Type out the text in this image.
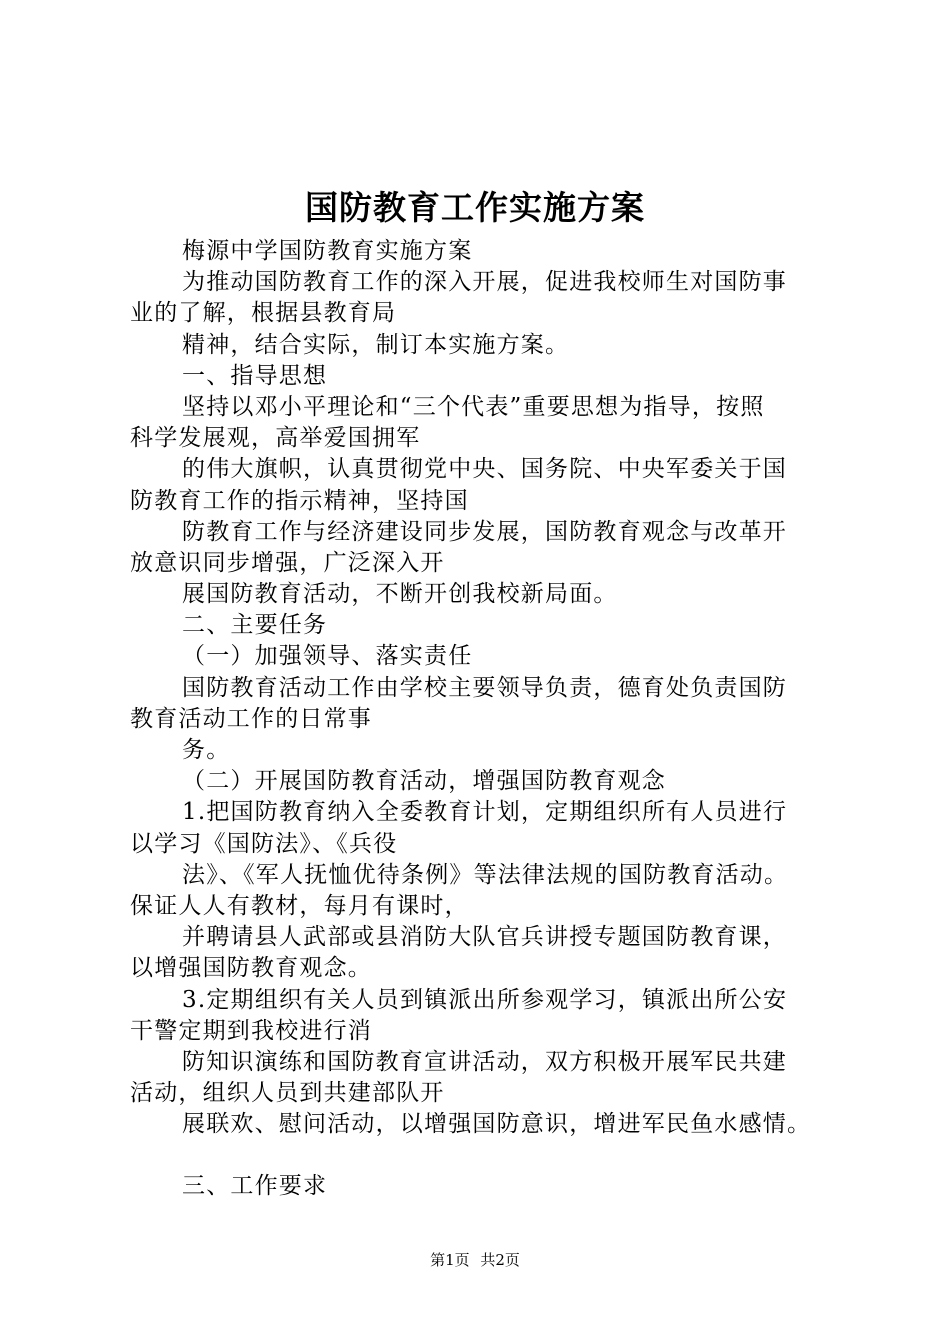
国防教育工作实施方案
梅源中学国防教育实施方案
为推动国防教育工作的深入开展，促进我校师生对国防事
业的了解，根据县教育局
精神，结合实际，制订本实施方案。
一、指导思想
坚持以邓小平理论和“三个代表”重要思想为指导，按照
科学发展观，高举爱国拥军
的伟大旗帜，认真贯彻党中央、国务院、中央军委关于国
防教育工作的指示精神，坚持国
防教育工作与经济建设同步发展，国防教育观念与改革开
放意识同步增强，广泛深入开
展国防教育活动，不断开创我校新局面。
二、主要任务
（一）加强领导、落实责任
国防教育活动工作由学校主要领导负责，德育处负责国防
教育活动工作的日常事
务。
（二）开展国防教育活动，增强国防教育观念
1.把国防教育纳入全委教育计划，定期组织所有人员进行
以学习《国防法》、《兵役
法》、《军人抚恤优待条例》等法律法规的国防教育活动。
保证人人有教材，每月有课时，
并聘请县人武部或县消防大队官兵讲授专题国防教育课，
以增强国防教育观念。
3.定期组织有关人员到镇派出所参观学习，镇派出所公安
干警定期到我校进行消
防知识演练和国防教育宣讲活动，双方积极开展军民共建
活动，组织人员到共建部队开
展联欢、慰问活动，以增强国防意识，增进军民鱼水感情。
三、工作要求
第1页 共2页
